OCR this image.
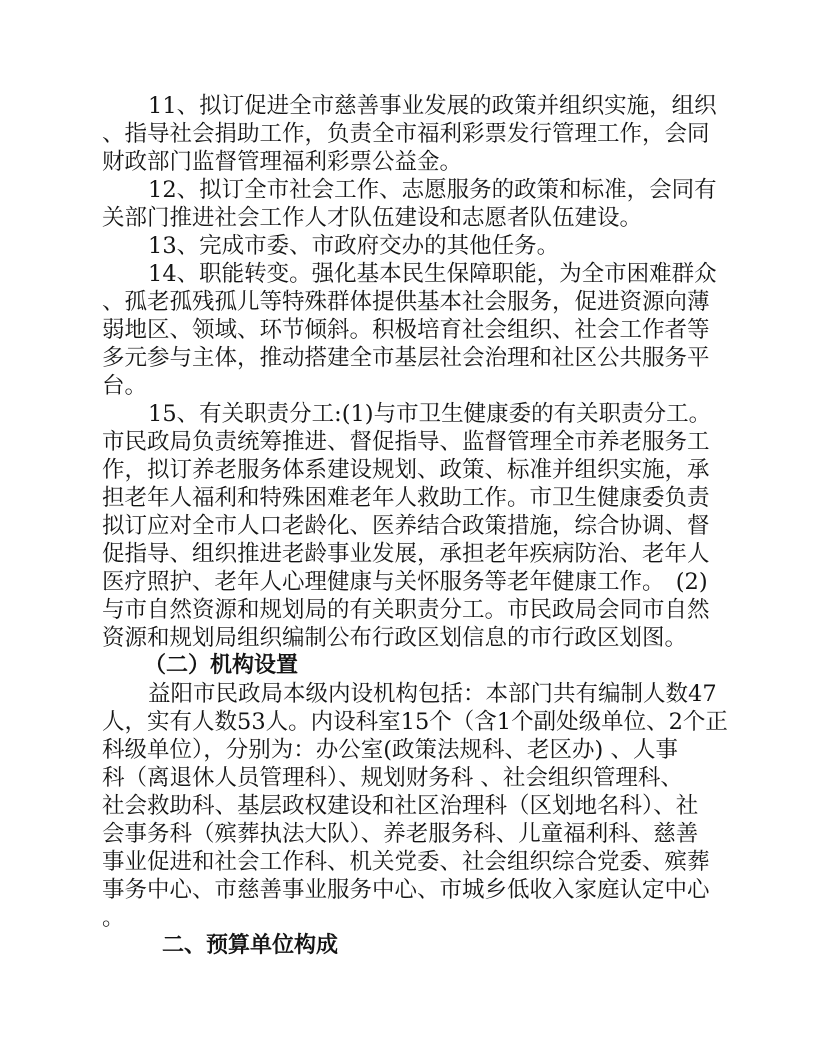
11、拟订促进全市慈善事业发展的政策并组织实施，组织
、指导社会捐助工作，负责全市福利彩票发行管理工作，会同
财政部门监督管理福利彩票公益金。
12、拟订全市社会工作、志愿服务的政策和标准，会同有
关部门推进社会工作人才队伍建设和志愿者队伍建设。
13、完成市委、市政府交办的其他任务。
14、职能转变。强化基本民生保障职能，为全市困难群众
、孤老孤残孤儿等特殊群体提供基本社会服务，促进资源向薄
弱地区、领域、环节倾斜。积极培育社会组织、社会工作者等
多元参与主体，推动搭建全市基层社会治理和社区公共服务平
台。
15、有关职责分工:(1)与市卫生健康委的有关职责分工。
市民政局负责统筹推进、督促指导、监督管理全市养老服务工
作，拟订养老服务体系建设规划、政策、标准并组织实施，承
担老年人福利和特殊困难老年人救助工作。市卫生健康委负责
拟订应对全市人口老龄化、医养结合政策措施，综合协调、督
促指导、组织推进老龄事业发展，承担老年疾病防治、老年人
医疗照护、老年人心理健康与关怀服务等老年健康工作。　(2)
与市自然资源和规划局的有关职责分工。市民政局会同市自然
资源和规划局组织编制公布行政区划信息的市行政区划图。
（二）机构设置
益阳市民政局本级内设机构包括：本部门共有编制人数47
人，实有人数53人。内设科室15个（含1个副处级单位、2个正
科级单位），分别为：办公室(政策法规科、老区办) 、人事
科（离退休人员管理科）、规划财务科 、社会组织管理科、
社会救助科、基层政权建设和社区治理科（区划地名科）、社
会事务科（殡葬执法大队）、养老服务科、儿童福利科、慈善
事业促进和社会工作科、机关党委、社会组织综合党委、殡葬
事务中心、市慈善事业服务中心、市城乡低收入家庭认定中心
。
二、预算单位构成
